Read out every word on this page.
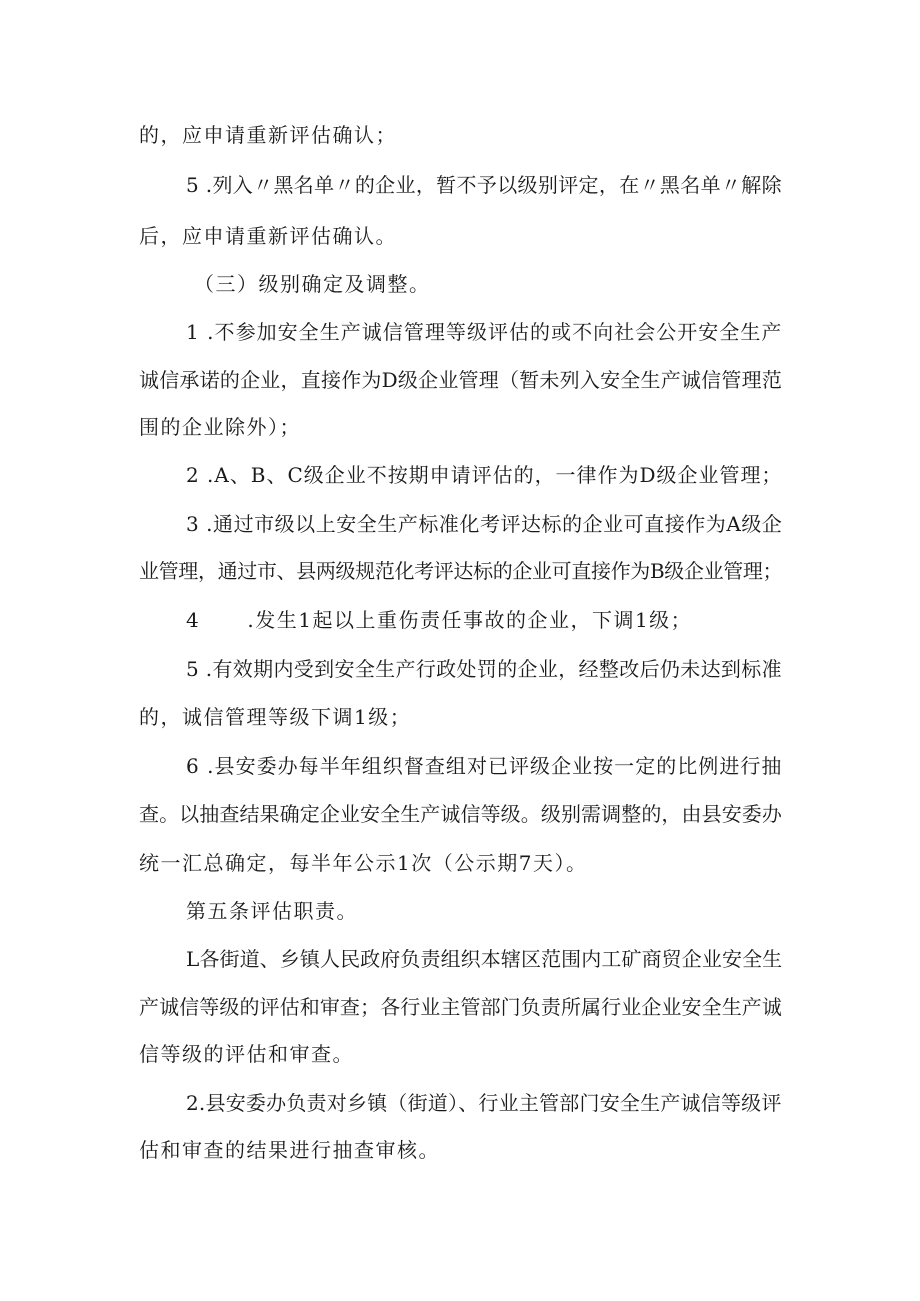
的，应申请重新评估确认；
5 .列入〃黑名单〃的企业，暂不予以级别评定，在〃黑名单〃解除
后，应申请重新评估确认。
（三）级别确定及调整。
1 .不参加安全生产诚信管理等级评估的或不向社会公开安全生产
诚信承诺的企业，直接作为D级企业管理（暂未列入安全生产诚信管理范
围的企业除外）；
2 .A、B、C级企业不按期申请评估的，一律作为D级企业管理；
3 .通过市级以上安全生产标准化考评达标的企业可直接作为A级企
业管理，通过市、县两级规范化考评达标的企业可直接作为B级企业管理；
4      .发生1起以上重伤责任事故的企业，下调1级；
5 .有效期内受到安全生产行政处罚的企业，经整改后仍未达到标准
的，诚信管理等级下调1级；
6 .县安委办每半年组织督查组对已评级企业按一定的比例进行抽
查。以抽查结果确定企业安全生产诚信等级。级别需调整的，由县安委办
统一汇总确定，每半年公示1次（公示期7天）。
第五条评估职责。
L各街道、乡镇人民政府负责组织本辖区范围内工矿商贸企业安全生
产诚信等级的评估和审查；各行业主管部门负责所属行业企业安全生产诚
信等级的评估和审查。
2.县安委办负责对乡镇（街道）、行业主管部门安全生产诚信等级评
估和审查的结果进行抽查审核。
